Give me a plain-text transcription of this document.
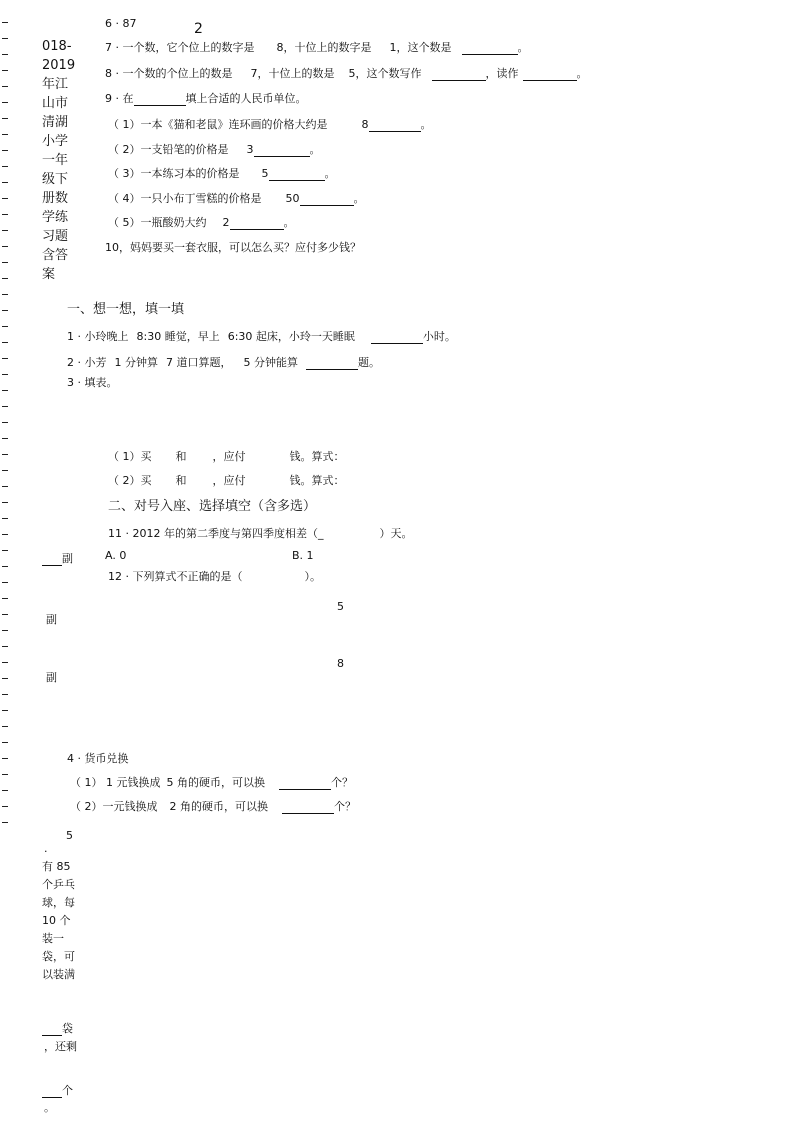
018-2019年江山市清湖小学一年级下册数学练习题含答案
6 · 87	2
7 · 一个数，它个位上的数字是 8，十位上的数字是 1，这个数是	。
8 · 一个数的个位上的数是 7，十位上的数是 5，这个数写作	，读作	。
9 · 在	填上合适的人民币单位。
（ 1）一本《猫和老鼠》连环画的价格大约是	8	。
（ 2）一支铅笔的价格是 3	。
（ 3）一本练习本的价格是 5	。
（ 4）一只小布丁雪糕的价格是 50	。
（ 5）一瓶酸奶大约 2	。
10，妈妈要买一套衣服，可以怎么买？应付多少钱？
一、想一想，填一填
1 · 小玲晚上 8:30 睡觉，早上 6:30 起床，小玲一天睡眠	小时。
2 · 小芳 1 分钟算 7 道口算题， 5 分钟能算	题。
3 · 填表。
（ 1）买 和 ，应付	钱。算式：
（ 2）买 和 ，应付	钱。算式：
二、对号入座、选择填空（含多选）
11 · 2012 年的第二季度与第四季度相差（_	）天。
副	A. 0	B. 1
12 · 下列算式不正确的是（	）。
5
副
8
副
4 · 货币兑换
（ 1） 1 元钱换成 5 角的硬币，可以换	个？
（ 2）一元钱换成 2 角的硬币，可以换	个？
5
·
有 85 个乒乓球，每 10 个装一袋，可以装满
袋
，还剩
个
。
